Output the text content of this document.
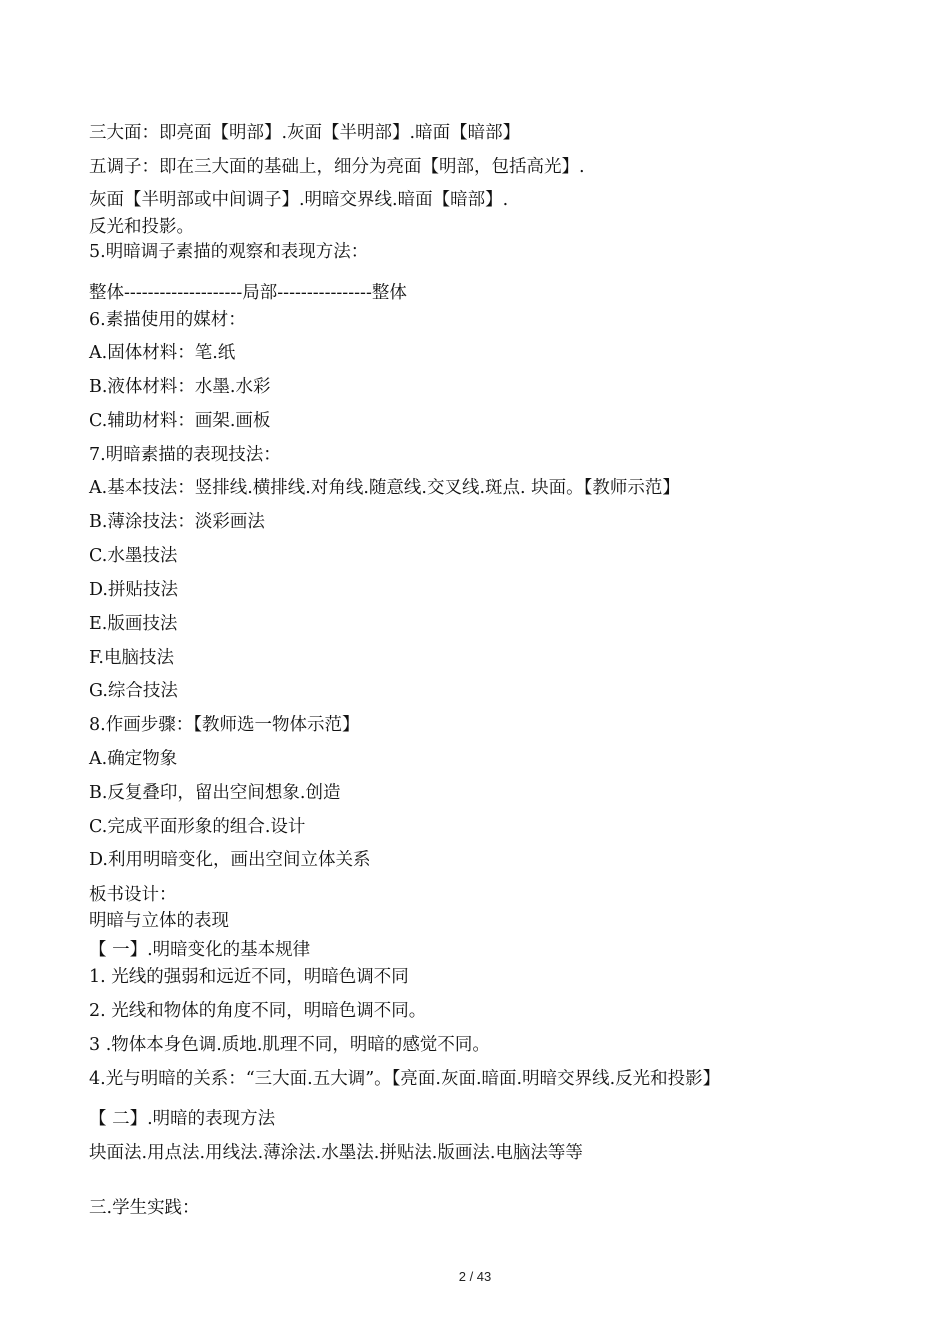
三大面：即亮面【明部】.灰面【半明部】.暗面【暗部】
五调子：即在三大面的基础上，细分为亮面【明部，包括高光】.
灰面【半明部或中间调子】.明暗交界线.暗面【暗部】.
反光和投影。
5.明暗调子素描的观察和表现方法：
整体--------------------局部----------------整体
6.素描使用的媒材：
A.固体材料：笔.纸
B.液体材料：水墨.水彩
C.辅助材料：画架.画板
7.明暗素描的表现技法：
A.基本技法：竖排线.横排线.对角线.随意线.交叉线.斑点. 块面。【教师示范】
B.薄涂技法：淡彩画法
C.水墨技法
D.拼贴技法
E.版画技法
F.电脑技法
G.综合技法
8.作画步骤：【教师选一物体示范】
A.确定物象
B.反复叠印，留出空间想象.创造
C.完成平面形象的组合.设计
D.利用明暗变化，画出空间立体关系
板书设计：
明暗与立体的表现
【 一】.明暗变化的基本规律
1. 光线的强弱和远近不同，明暗色调不同
2. 光线和物体的角度不同，明暗色调不同。
3 .物体本身色调.质地.肌理不同，明暗的感觉不同。
4.光与明暗的关系：“三大面.五大调”。【亮面.灰面.暗面.明暗交界线.反光和投影】
【 二】.明暗的表现方法
块面法.用点法.用线法.薄涂法.水墨法.拼贴法.版画法.电脑法等等
三.学生实践：
2 / 43
